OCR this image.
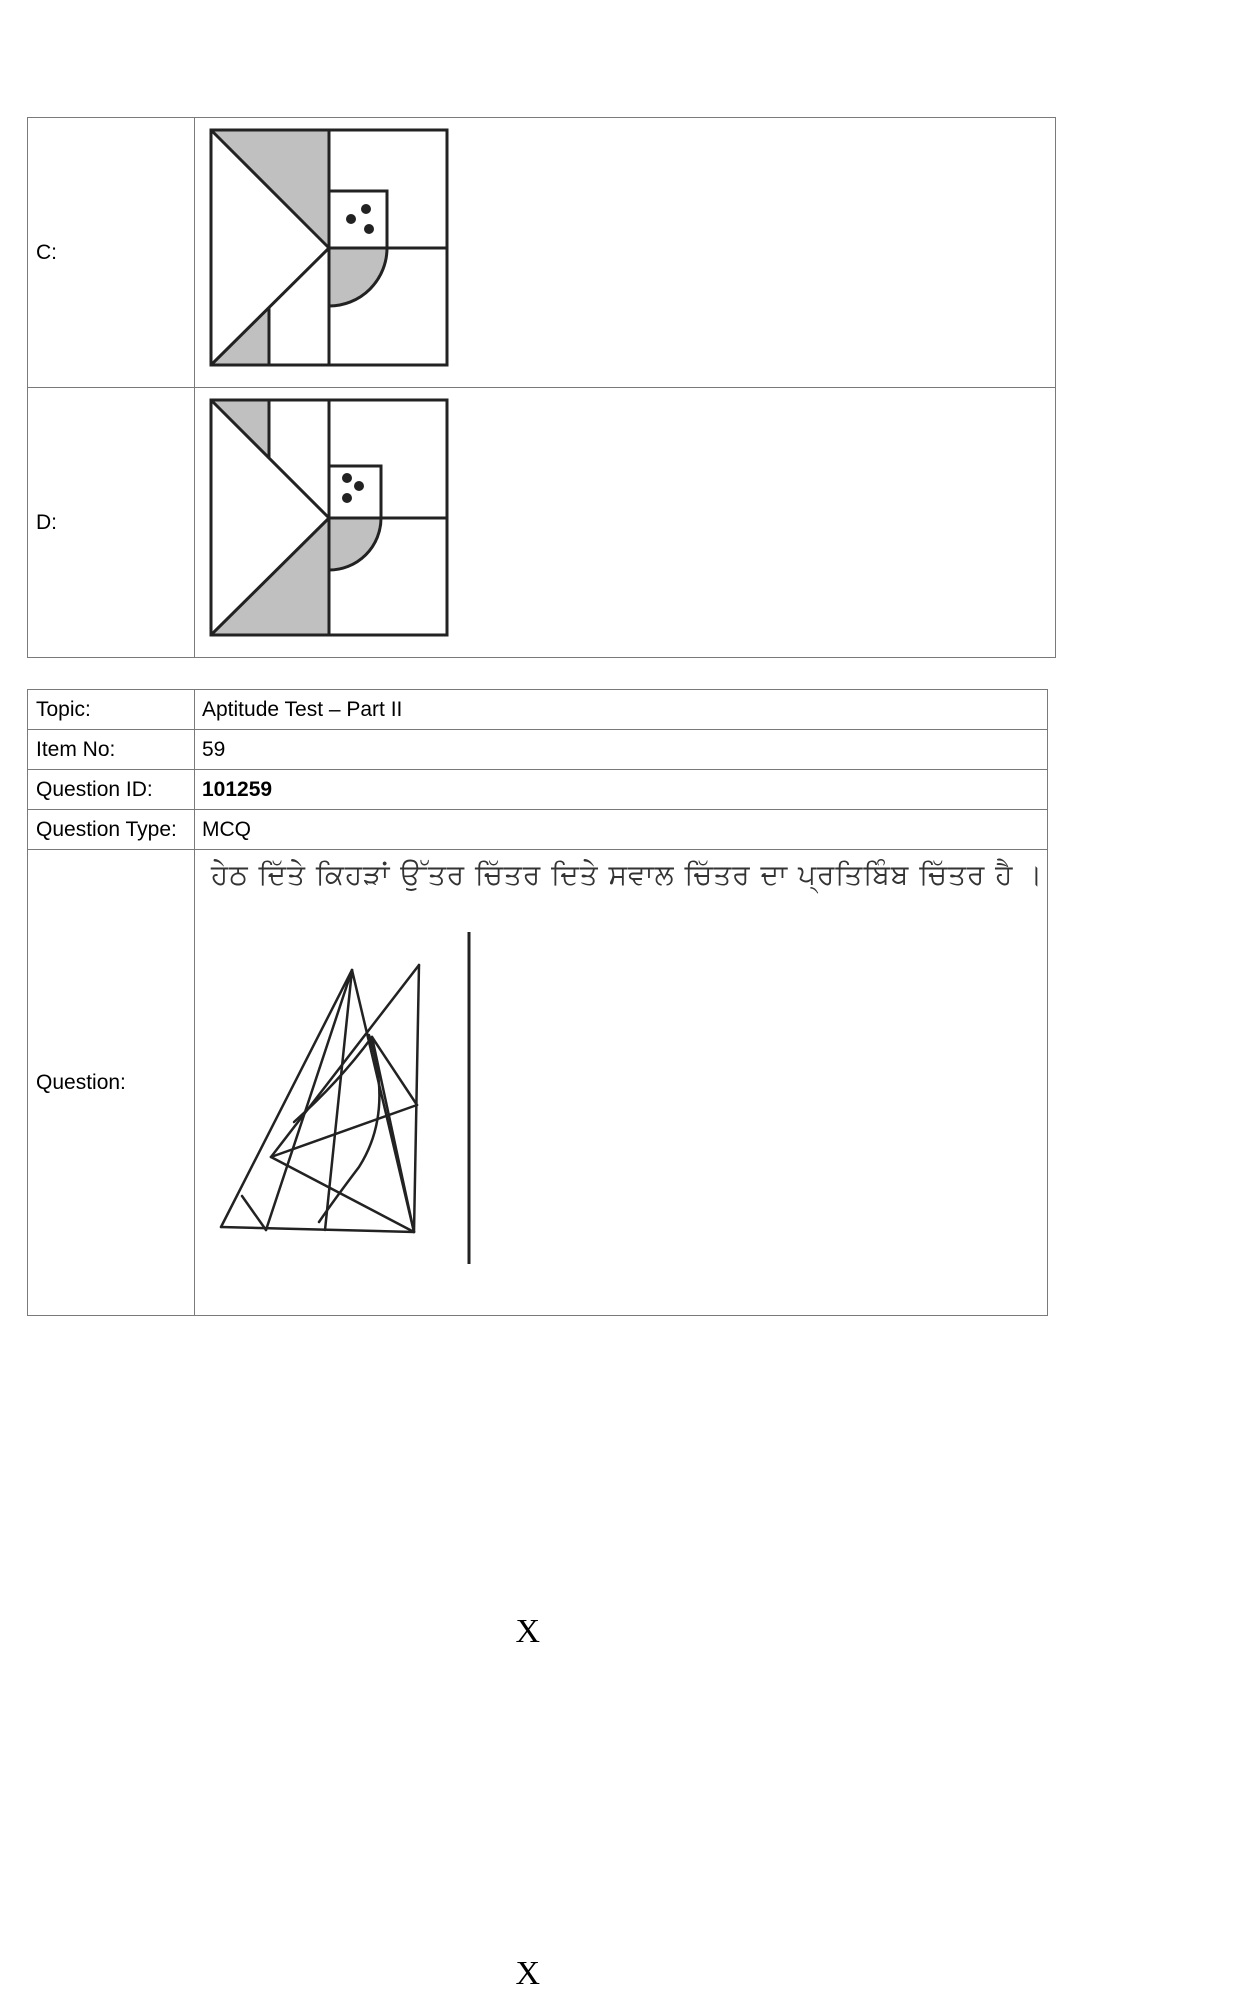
C:	

D:	
Topic:	Aptitude Test – Part II
Item No:	59
Question ID:	101259
Question Type:	MCQ
Question:	ਹੇਠ ਦਿੱਤੇ ਕਿਹੜਾਂ ਉੱਤਰ ਚਿੱਤਰ ਦਿਤੇ ਸਵਾਲ ਚਿੱਤਰ ਦਾ ਪ੍ਰਤਿਬਿੰਬ ਚਿੱਤਰ ਹੈ ।
X
X
